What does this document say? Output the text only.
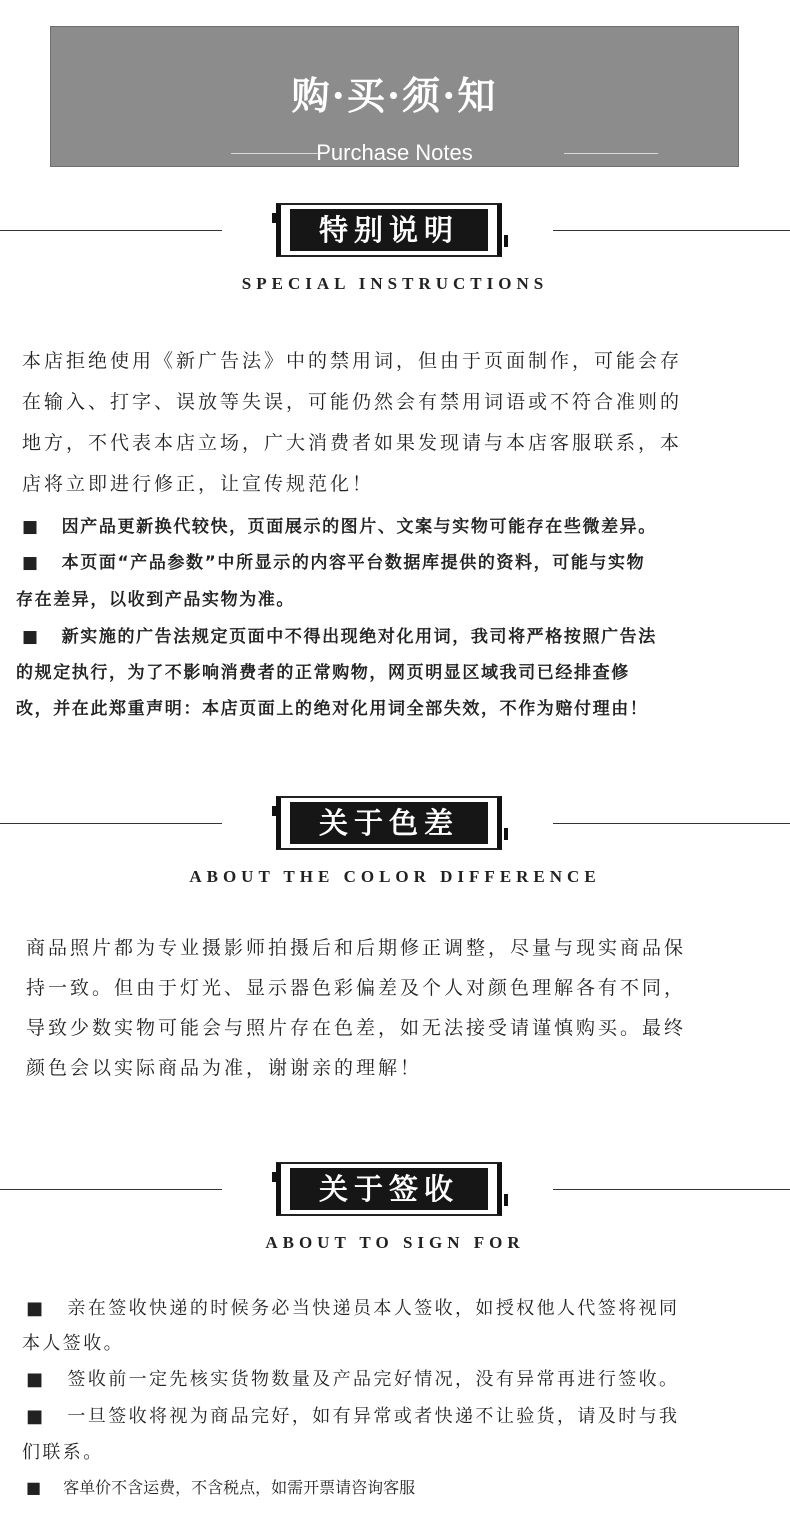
购·买·须·知
Purchase Notes
特别说明
SPECIAL INSTRUCTIONS

本店拒绝使用《新广告法》中的禁用词，但由于页面制作，可能会存

在输入、打字、误放等失误，可能仍然会有禁用词语或不符合准则的

地方，不代表本店立场，广大消费者如果发现请与本店客服联系，本

店将立即进行修正，让宣传规范化！

■ 因产品更新换代较快，页面展示的图片、文案与实物可能存在些微差异。

■ 本页面“产品参数”中所显示的内容平台数据库提供的资料，可能与实物

存在差异，以收到产品实物为准。

■ 新实施的广告法规定页面中不得出现绝对化用词，我司将严格按照广告法

的规定执行，为了不影响消费者的正常购物，网页明显区域我司已经排查修

改，并在此郑重声明：本店页面上的绝对化用词全部失效，不作为赔付理由！

关于色差
ABOUT THE COLOR DIFFERENCE

商品照片都为专业摄影师拍摄后和后期修正调整，尽量与现实商品保

持一致。但由于灯光、显示器色彩偏差及个人对颜色理解各有不同，

导致少数实物可能会与照片存在色差，如无法接受请谨慎购买。最终

颜色会以实际商品为准，谢谢亲的理解！

关于签收
ABOUT TO SIGN FOR

■ 亲在签收快递的时候务必当快递员本人签收，如授权他人代签将视同

本人签收。

■ 签收前一定先核实货物数量及产品完好情况，没有异常再进行签收。

■ 一旦签收将视为商品完好，如有异常或者快递不让验货，请及时与我

们联系。

■ 客单价不含运费，不含税点，如需开票请咨询客服
